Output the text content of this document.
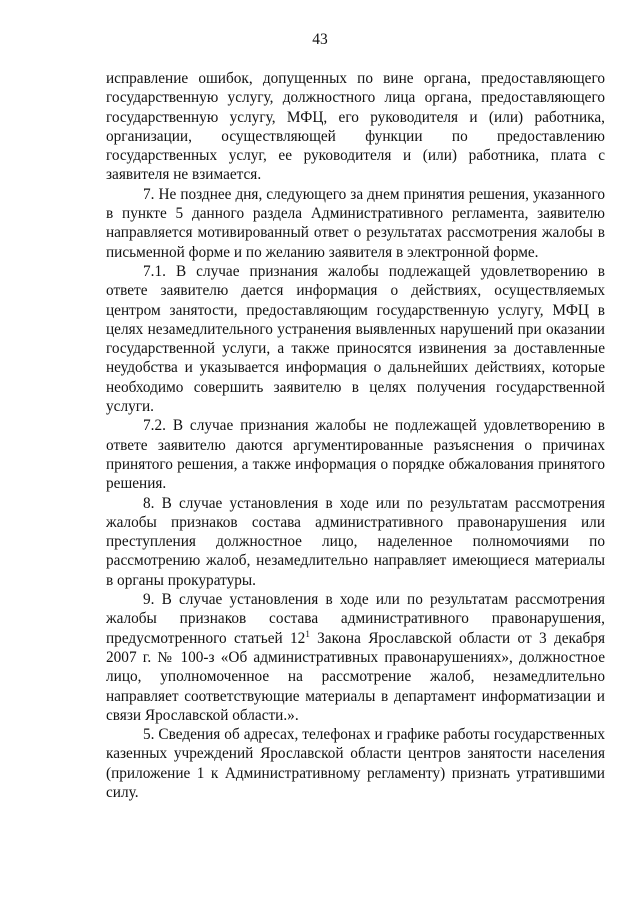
43

исправление ошибок, допущенных по вине органа, предоставляющего государственную услугу, должностного лица органа, предоставляющего государственную услугу, МФЦ, его руководителя и (или) работника, организации, осуществляющей функции по предоставлению государственных услуг, ее руководителя и (или) работника, плата с заявителя не взимается.

7. Не позднее дня, следующего за днем принятия решения, указанного в пункте 5 данного раздела Административного регламента, заявителю направляется мотивированный ответ о результатах рассмотрения жалобы в письменной форме и по желанию заявителя в электронной форме.

7.1. В случае признания жалобы подлежащей удовлетворению в ответе заявителю дается информация о действиях, осуществляемых центром занятости, предоставляющим государственную услугу, МФЦ в целях незамедлительного устранения выявленных нарушений при оказании государственной услуги, а также приносятся извинения за доставленные неудобства и указывается информация о дальнейших действиях, которые необходимо совершить заявителю в целях получения государственной услуги.

7.2. В случае признания жалобы не подлежащей удовлетворению в ответе заявителю даются аргументированные разъяснения о причинах принятого решения, а также информация о порядке обжалования принятого решения.

8. В случае установления в ходе или по результатам рассмотрения жалобы признаков состава административного правонарушения или преступления должностное лицо, наделенное полномочиями по рассмотрению жалоб, незамедлительно направляет имеющиеся материалы в органы прокуратуры.

9. В случае установления в ходе или по результатам рассмотрения жалобы признаков состава административного правонарушения, предусмотренного статьей $12^1$ Закона Ярославской области от 3 декабря 2007 г. № 100-з «Об административных правонарушениях», должностное лицо, уполномоченное на рассмотрение жалоб, незамедлительно направляет соответствующие материалы в департамент информатизации и связи Ярославской области.».

5. Сведения об адресах, телефонах и графике работы государственных казенных учреждений Ярославской области центров занятости населения (приложение 1 к Административному регламенту) признать утратившими силу.
